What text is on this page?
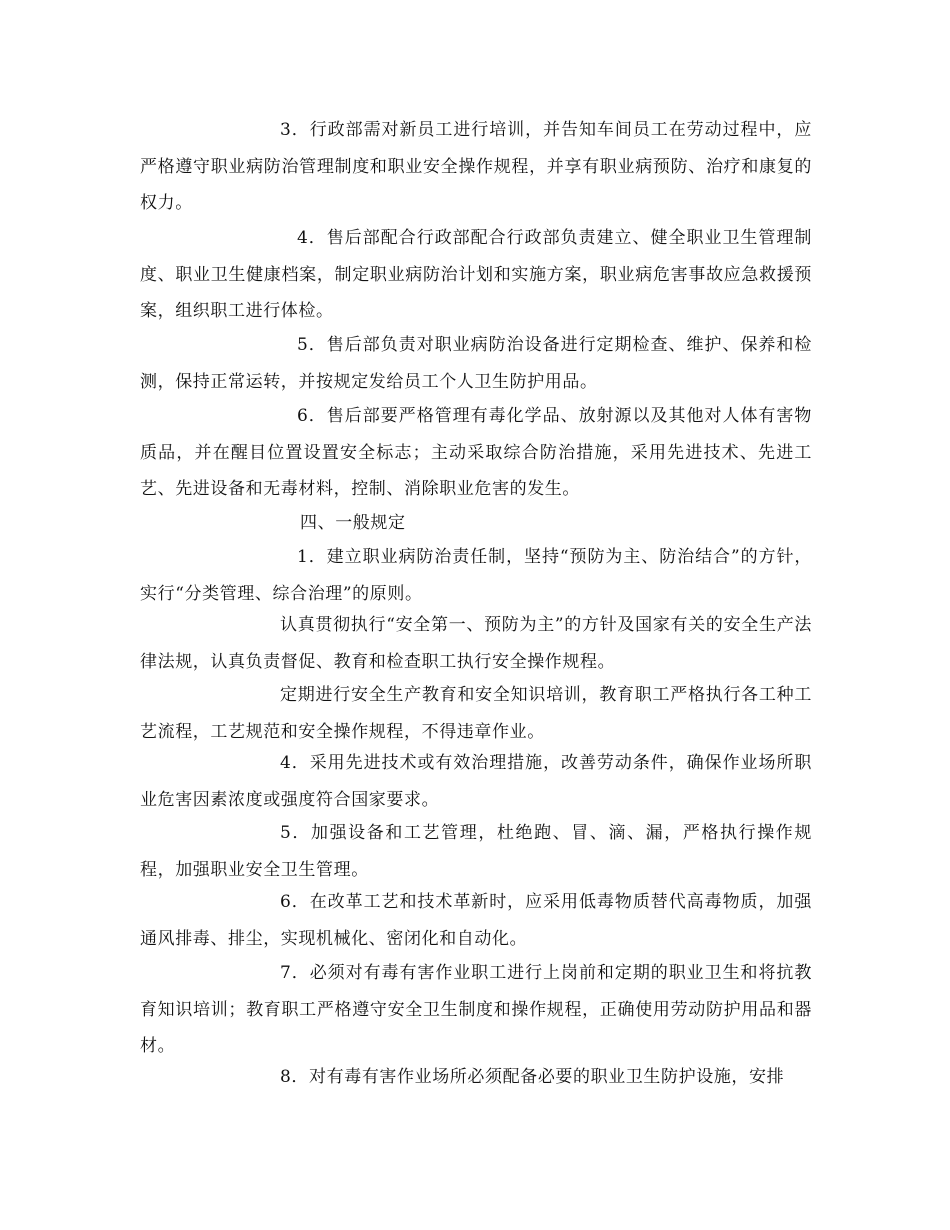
3．行政部需对新员工进行培训，并告知车间员工在劳动过程中，应严格遵守职业病防治管理制度和职业安全操作规程，并享有职业病预防、治疗和康复的权力。

4．售后部配合行政部配合行政部负责建立、健全职业卫生管理制度、职业卫生健康档案，制定职业病防治计划和实施方案，职业病危害事故应急救援预案，组织职工进行体检。

5．售后部负责对职业病防治设备进行定期检查、维护、保养和检测，保持正常运转，并按规定发给员工个人卫生防护用品。

6．售后部要严格管理有毒化学品、放射源以及其他对人体有害物质品，并在醒目位置设置安全标志；主动采取综合防治措施，采用先进技术、先进工艺、先进设备和无毒材料，控制、消除职业危害的发生。

四、一般规定

1．建立职业病防治责任制，坚持“预防为主、防治结合”的方针，实行“分类管理、综合治理”的原则。

认真贯彻执行“安全第一、预防为主”的方针及国家有关的安全生产法律法规，认真负责督促、教育和检查职工执行安全操作规程。

定期进行安全生产教育和安全知识培训，教育职工严格执行各工种工艺流程，工艺规范和安全操作规程，不得违章作业。

4．采用先进技术或有效治理措施，改善劳动条件，确保作业场所职业危害因素浓度或强度符合国家要求。

5．加强设备和工艺管理，杜绝跑、冒、滴、漏，严格执行操作规程，加强职业安全卫生管理。

6．在改革工艺和技术革新时，应采用低毒物质替代高毒物质，加强通风排毒、排尘，实现机械化、密闭化和自动化。

7．必须对有毒有害作业职工进行上岗前和定期的职业卫生和将抗教育知识培训；教育职工严格遵守安全卫生制度和操作规程，正确使用劳动防护用品和器材。

8．对有毒有害作业场所必须配备必要的职业卫生防护设施，安排
